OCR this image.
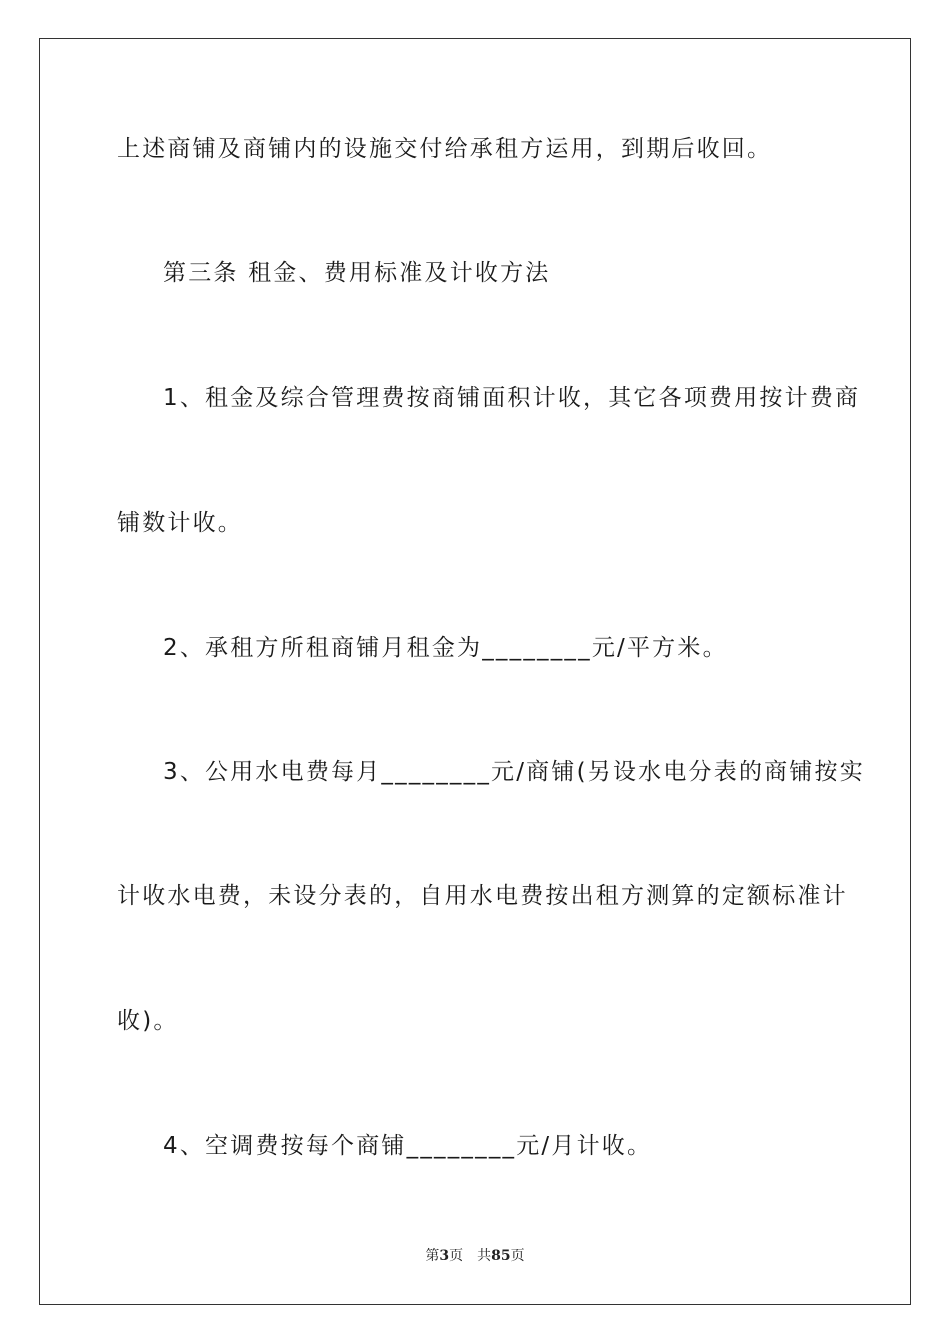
上述商铺及商铺内的设施交付给承租方运用，到期后收回。
第三条 租金、费用标准及计收方法
1、租金及综合管理费按商铺面积计收，其它各项费用按计费商
铺数计收。
2、承租方所租商铺月租金为________元/平方米。
3、公用水电费每月________元/商铺(另设水电分表的商铺按实
计收水电费，未设分表的，自用水电费按出租方测算的定额标准计
收)。
4、空调费按每个商铺________元/月计收。
第3页 共85页
